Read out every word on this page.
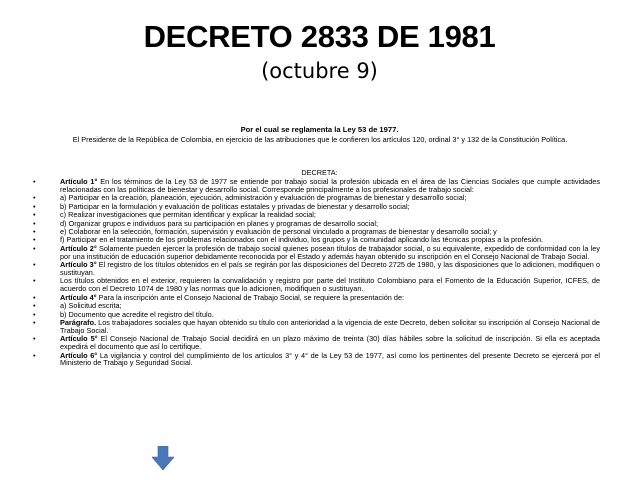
DECRETO 2833 DE 1981
(octubre 9)
Por el cual se reglamenta la Ley 53 de 1977.
El Presidente de la República de Colombia, en ejercicio de las atribuciones que le confieren los artículos 120, ordinal 3° y 132 de la Constitución Política.
DECRETA:
• Artículo 1° En los términos de la Ley 53 de 1977 se entiende por trabajo social la profesión ubicada en el área de las Ciencias Sociales que cumple actividades relacionadas con las políticas de bienestar y desarrollo social. Corresponde principalmente a los profesionales de trabajo social:
• a) Participar en la creación, planeación, ejecución, administración y evaluación de programas de bienestar y desarrollo social;
• b) Participar en la formulación y evaluación de políticas estatales y privadas de bienestar y desarrollo social;
• c) Realizar investigaciones que permitan identificar y explicar la realidad social;
• d) Organizar grupos e individuos para su participación en planes y programas de desarrollo social;
• e) Colaborar en la selección, formación, supervisión y evaluación de personal vinculado a programas de bienestar y desarrollo social; y
• f) Participar en el tratamiento de los problemas relacionados con el individuo, los grupos y la comunidad aplicando las técnicas propias a la profesión.
• Artículo 2° Solamente pueden ejercer la profesión de trabajo social quienes posean títulos de trabajador social, o su equivalente, expedido de conformidad con la ley por una institución de educación superior debidamente reconocida por el Estado y además hayan obtenido su inscripción en el Consejo Nacional de Trabajo Social.
• Artículo 3° El registro de los títulos obtenidos en el país se regirán por las disposiciones del Decreto 2725 de 1980, y las disposiciones que lo adicionen, modifiquen o sustituyan.
• Los títulos obtenidos en el exterior, requieren la convalidación y registro por parte del Instituto Colombiano para el Fomento de la Educación Superior, ICFES, de acuerdo con el Decreto 1074 de 1980 y las normas que lo adicionen, modifiquen o sustituyan.
• Artículo 4° Para la inscripción ante el Consejo Nacional de Trabajo Social, se requiere la presentación de:
• a) Solicitud escrita;
• b) Documento que acredite el registro del título.
• Parágrafo. Los trabajadores sociales que hayan obtenido su título con anterioridad a la vigencia de este Decreto, deben solicitar su inscripción al Consejo Nacional de Trabajo Social.
• Artículo 5° El Consejo Nacional de Trabajo Social decidirá en un plazo máximo de treinta (30) días hábiles sobre la solicitud de inscripción. Si ella es aceptada expedirá el documento que así lo certifique.
• Artículo 6° La vigilancia y control del cumplimiento de los artículos 3° y 4° de la Ley 53 de 1977, así como los pertinentes del presente Decreto se ejercerá por el Ministerio de Trabajo y Seguridad Social.
